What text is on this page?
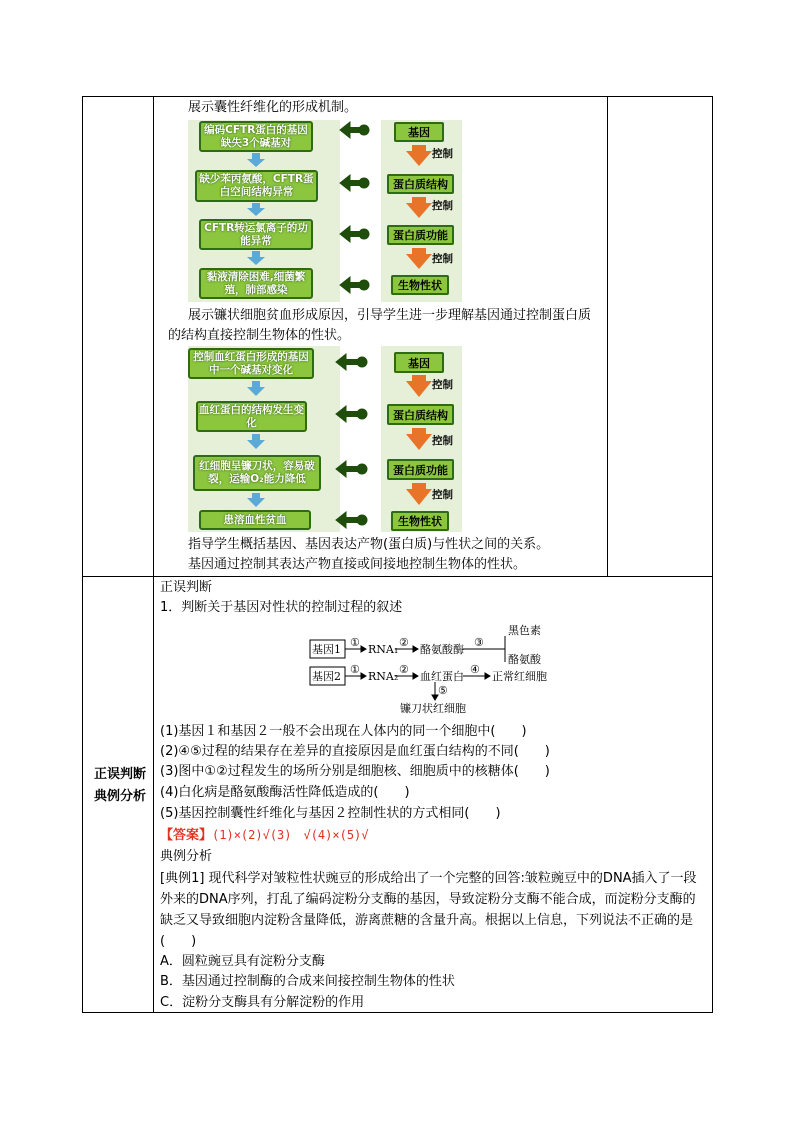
展示囊性纤维化的形成机制。
编码CFTR蛋白的基因缺失3个碱基对
缺少苯丙氨酸，CFTR蛋白空间结构异常
CFTR转运氯离子的功能异常
黏液清除困难,细菌繁殖，肺部感染
基因
蛋白质结构
蛋白质功能
生物性状
控制
控制
控制
展示镰状细胞贫血形成原因，引导学生进一步理解基因通过控制蛋白质的结构直接控制生物体的性状。
控制血红蛋白形成的基因中一个碱基对变化
血红蛋白的结构发生变化
红细胞呈镰刀状，容易破裂，运输O₂能力降低
患溶血性贫血
基因
蛋白质结构
蛋白质功能
生物性状
控制
控制
控制
指导学生概括基因、基因表达产物(蛋白质)与性状之间的关系。
基因通过控制其表达产物直接或间接地控制生物体的性状。
正误判断典例分析
正误判断
1．判断关于基因对性状的控制过程的叙述
基因1
基因2
①
RNA₁
②
酪氨酸酶
③
黑色素
酪氨酸
①
RNA₂
②
血红蛋白
④
正常红细胞
⑤
镰刀状红细胞
(1)基因１和基因２一般不会出现在人体内的同一个细胞中(　　)
(2)④⑤过程的结果存在差异的直接原因是血红蛋白结构的不同(　　)
(3)图中①②过程发生的场所分别是细胞核、细胞质中的核糖体(　　)
(4)白化病是酪氨酸酶活性降低造成的(　　)
(5)基因控制囊性纤维化与基因２控制性状的方式相同(　　)
【答案】(1)×(2)√(3)　√(4)×(5)√
典例分析
[典例1] 现代科学对皱粒性状豌豆的形成给出了一个完整的回答:皱粒豌豆中的DNA插入了一段外来的DNA序列，打乱了编码淀粉分支酶的基因，导致淀粉分支酶不能合成，而淀粉分支酶的缺乏又导致细胞内淀粉含量降低，游离蔗糖的含量升高。根据以上信息，下列说法不正确的是(　　)
A．圆粒豌豆具有淀粉分支酶
B．基因通过控制酶的合成来间接控制生物体的性状
C．淀粉分支酶具有分解淀粉的作用
